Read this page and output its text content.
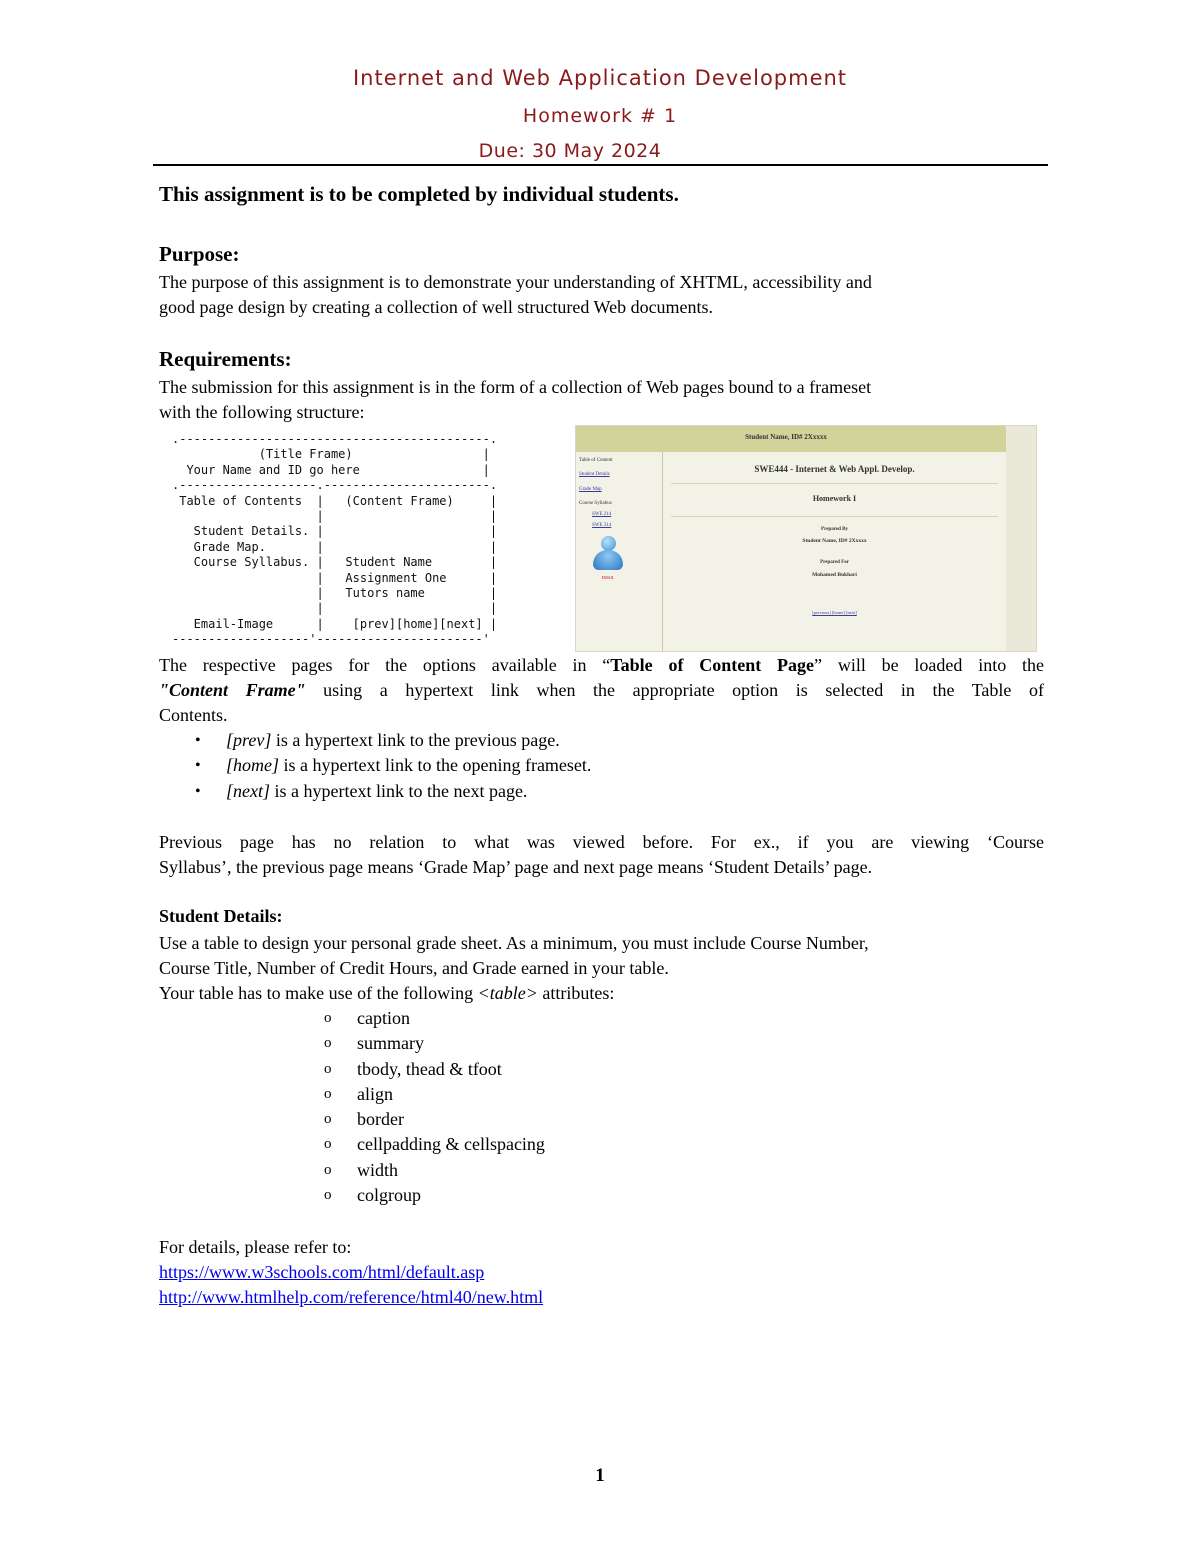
Internet and Web Application Development
Homework # 1
Due: 30 May 2024
This assignment is to be completed by individual students.
Purpose:
The purpose of this assignment is to demonstrate your understanding of XHTML, accessibility and
good page design by creating a collection of well structured Web documents.
Requirements:
The submission for this assignment is in the form of a collection of Web pages bound to a frameset
with the following structure:
.-------------------------------------------.
(Title Frame)                  |
Your Name and ID go here                 |
.-------------------.-----------------------.
Table of Contents  |   (Content Frame)     |
|                       |
Student Details. |                       |
Grade Map.       |                       |
Course Syllabus. |   Student Name        |
|   Assignment One      |
|   Tutors name         |
|                       |
Email-Image      |    [prev][home][next] |
-------------------'-----------------------'
Student Name, ID# 2Xxxxx
Table of Content
Student Details
Grade Map
Course Syllabus
SWE 214
SWE 314
EMAIL
SWE444 - Internet & Web Appl. Develop.
Homework I
Prepared By
Student Name, ID# 2Xxxxx
Prepared For
Mohamed Bukhari
[previous] [home] [next]
The respective pages for the options available in “Table of Content Page” will be loaded into the
"Content Frame" using a hypertext link when the appropriate option is selected in the Table of
Contents.
• [prev] is a hypertext link to the previous page.
• [home] is a hypertext link to the opening frameset.
• [next] is a hypertext link to the next page.
Previous page has no relation to what was viewed before. For ex., if you are viewing ‘Course
Syllabus’, the previous page means ‘Grade Map’ page and next page means ‘Student Details’ page.
Student Details:
Use a table to design your personal grade sheet. As a minimum, you must include Course Number,
Course Title, Number of Credit Hours, and Grade earned in your table.
Your table has to make use of the following <table> attributes:
o caption
o summary
o tbody, thead & tfoot
o align
o border
o cellpadding & cellspacing
o width
o colgroup
For details, please refer to:
https://www.w3schools.com/html/default.asp
http://www.htmlhelp.com/reference/html40/new.html
1
